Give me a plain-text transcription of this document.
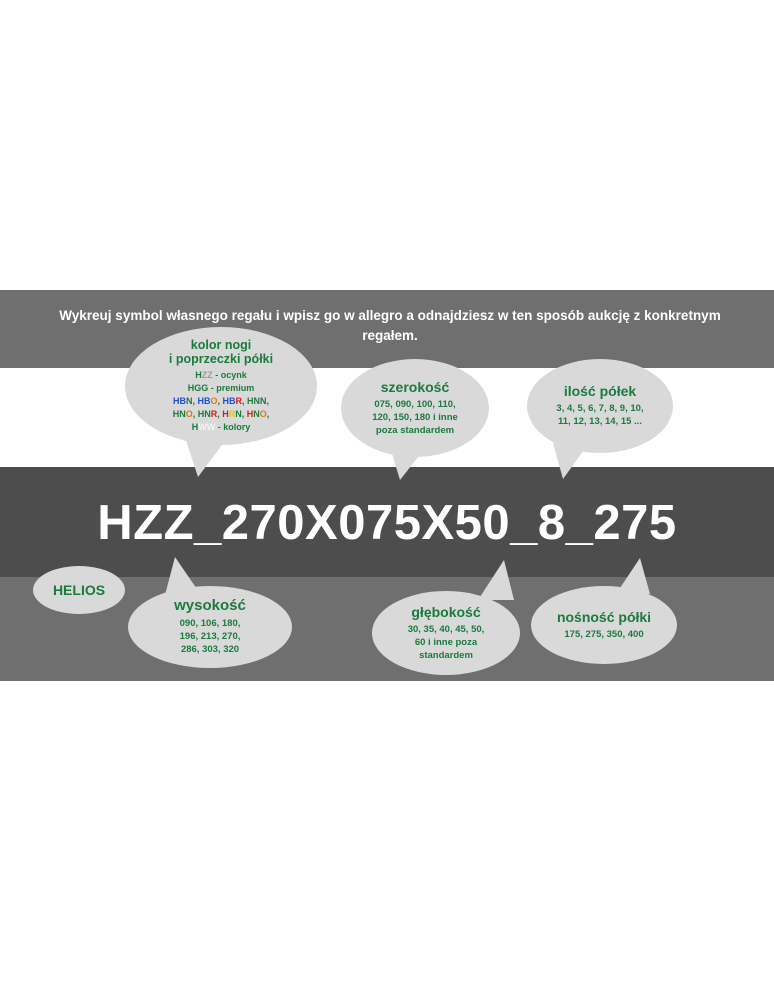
Wykreuj symbol własnego regału i wpisz go w allegro a odnajdziesz w ten sposób aukcję z konkretnym regałem.
HZZ_270X075X50_8_275
kolor nogi
i poprzeczki półki
HZZ - ocynk
HGG - premium
HBN, HBO, HBR, HNN,
HNO, HNR, HRN, HNO,
HWW - kolory
szerokość
075, 090, 100, 110,
120, 150, 180 i inne
poza standardem
ilość półek
3, 4, 5, 6, 7, 8, 9, 10,
11, 12, 13, 14, 15 ...
HELIOS
wysokość
090, 106, 180,
196, 213, 270,
286, 303, 320
głębokość
30, 35, 40, 45, 50,
60 i inne poza
standardem
nośność półki
175, 275, 350, 400
